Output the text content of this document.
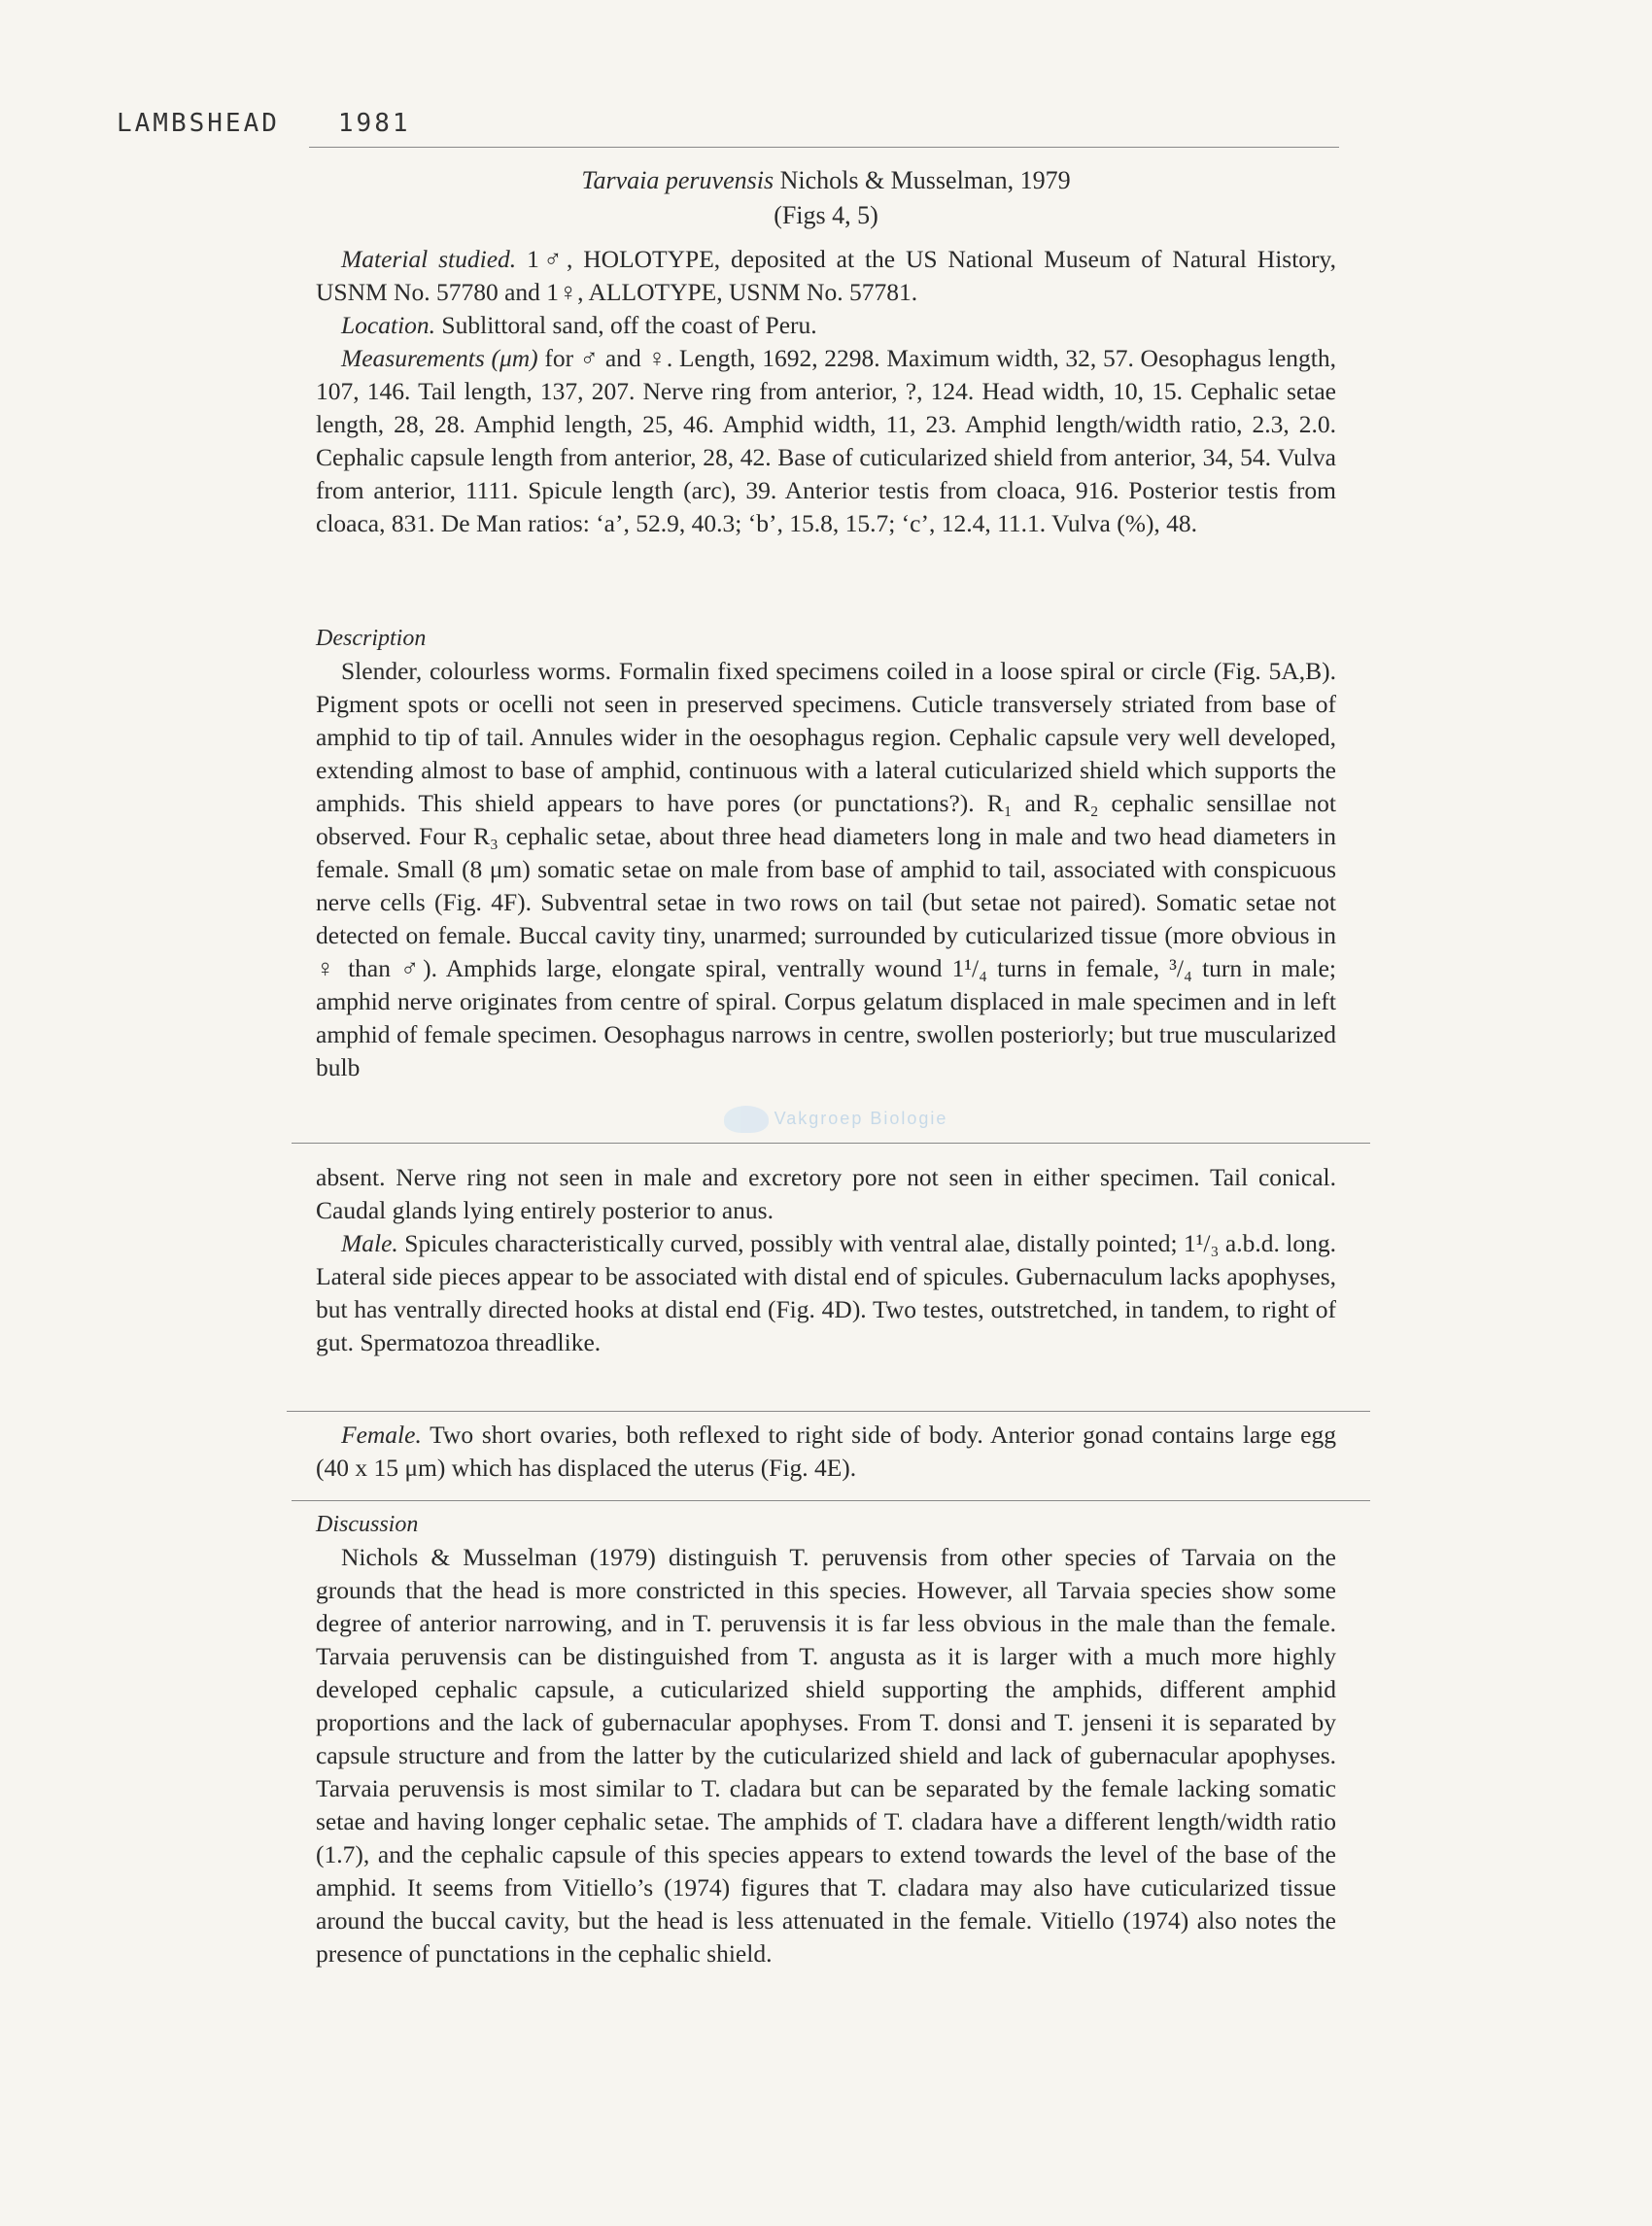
LAMBSHEAD 1981
Tarvaia peruvensis Nichols & Musselman, 1979
(Figs 4, 5)

Material studied. 1♂, HOLOTYPE, deposited at the US National Museum of Natural History, USNM No. 57780 and 1♀, ALLOTYPE, USNM No. 57781.

Location. Sublittoral sand, off the coast of Peru.

Measurements (μm) for ♂ and ♀. Length, 1692, 2298. Maximum width, 32, 57. Oesophagus length, 107, 146. Tail length, 137, 207. Nerve ring from anterior, ?, 124. Head width, 10, 15. Cephalic setae length, 28, 28. Amphid length, 25, 46. Amphid width, 11, 23. Amphid length/width ratio, 2.3, 2.0. Cephalic capsule length from anterior, 28, 42. Base of cuticularized shield from anterior, 34, 54. Vulva from anterior, 1111. Spicule length (arc), 39. Anterior testis from cloaca, 916. Posterior testis from cloaca, 831. De Man ratios: ‘a’, 52.9, 40.3; ‘b’, 15.8, 15.7; ‘c’, 12.4, 11.1. Vulva (%), 48.

Description

Slender, colourless worms. Formalin fixed specimens coiled in a loose spiral or circle (Fig. 5A,B). Pigment spots or ocelli not seen in preserved specimens. Cuticle transversely striated from base of amphid to tip of tail. Annules wider in the oesophagus region. Cephalic capsule very well developed, extending almost to base of amphid, continuous with a lateral cuticularized shield which supports the amphids. This shield appears to have pores (or punctations?). R₁ and R₂ cephalic sensillae not observed. Four R₃ cephalic setae, about three head diameters long in male and two head diameters in female. Small (8 μm) somatic setae on male from base of amphid to tail, associated with conspicuous nerve cells (Fig. 4F). Subventral setae in two rows on tail (but setae not paired). Somatic setae not detected on female. Buccal cavity tiny, unarmed; surrounded by cuticularized tissue (more obvious in ♀ than ♂). Amphids large, elongate spiral, ventrally wound 1¹/₄ turns in female, ³/₄ turn in male; amphid nerve originates from centre of spiral. Corpus gelatum displaced in male specimen and in left amphid of female specimen. Oesophagus narrows in centre, swollen posteriorly; but true muscularized bulb

absent. Nerve ring not seen in male and excretory pore not seen in either specimen. Tail conical. Caudal glands lying entirely posterior to anus.

Male. Spicules characteristically curved, possibly with ventral alae, distally pointed; 1¹/₃ a.b.d. long. Lateral side pieces appear to be associated with distal end of spicules. Gubernaculum lacks apophyses, but has ventrally directed hooks at distal end (Fig. 4D). Two testes, outstretched, in tandem, to right of gut. Spermatozoa threadlike.

Female. Two short ovaries, both reflexed to right side of body. Anterior gonad contains large egg (40 x 15 μm) which has displaced the uterus (Fig. 4E).

Discussion

Nichols & Musselman (1979) distinguish T. peruvensis from other species of Tarvaia on the grounds that the head is more constricted in this species. However, all Tarvaia species show some degree of anterior narrowing, and in T. peruvensis it is far less obvious in the male than the female. Tarvaia peruvensis can be distinguished from T. angusta as it is larger with a much more highly developed cephalic capsule, a cuticularized shield supporting the amphids, different amphid proportions and the lack of gubernacular apophyses. From T. donsi and T. jenseni it is separated by capsule structure and from the latter by the cuticularized shield and lack of gubernacular apophyses. Tarvaia peruvensis is most similar to T. cladara but can be separated by the female lacking somatic setae and having longer cephalic setae. The amphids of T. cladara have a different length/width ratio (1.7), and the cephalic capsule of this species appears to extend towards the level of the base of the amphid. It seems from Vitiello’s (1974) figures that T. cladara may also have cuticularized tissue around the buccal cavity, but the head is less attenuated in the female. Vitiello (1974) also notes the presence of punctations in the cephalic shield.

Vakgroep Biologie
